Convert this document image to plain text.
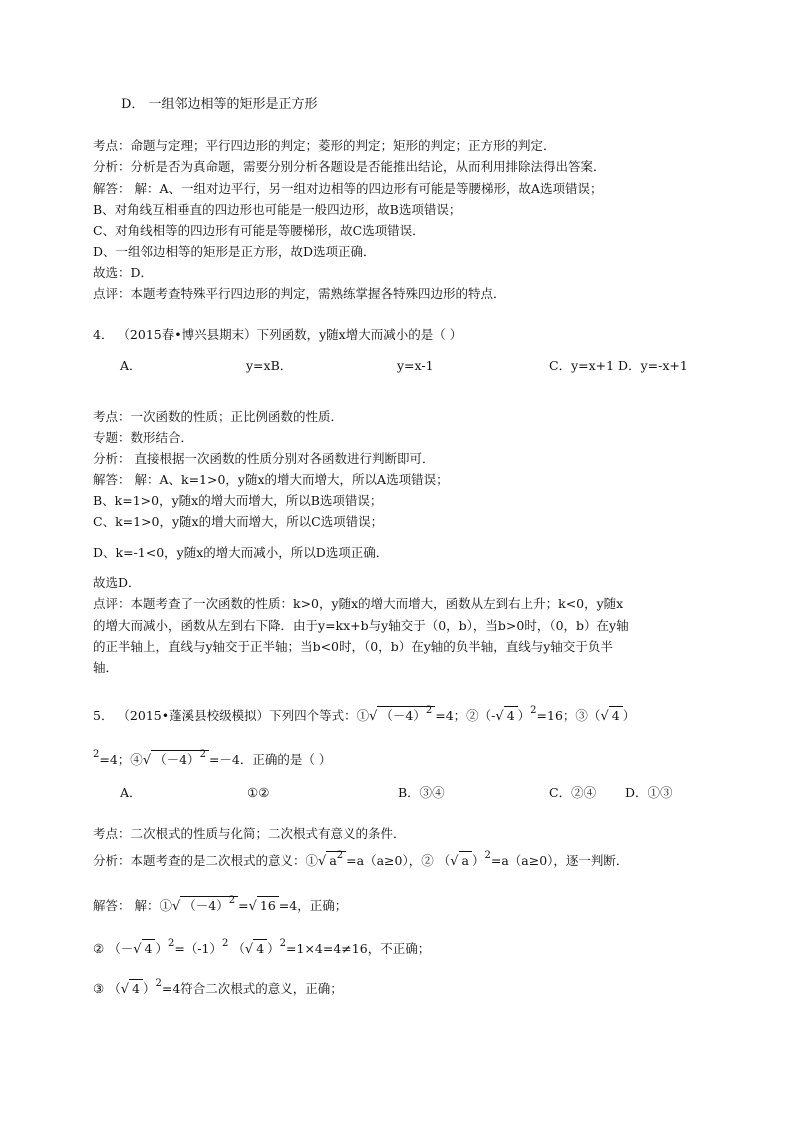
D． 一组邻边相等的矩形是正方形
考点：命题与定理；平行四边形的判定；菱形的判定；矩形的判定；正方形的判定．
分析：分析是否为真命题，需要分别分析各题设是否能推出结论，从而利用排除法得出答案．
解答： 解：A、一组对边平行，另一组对边相等的四边形有可能是等腰梯形，故A选项错误；
B、对角线互相垂直的四边形也可能是一般四边形，故B选项错误；
C、对角线相等的四边形有可能是等腰梯形，故C选项错误．
D、一组邻边相等的矩形是正方形，故D选项正确．
故选：D．
点评：本题考查特殊平行四边形的判定，需熟练掌握各特殊四边形的特点．
4． （2015春•博兴县期末）下列函数，y随x增大而减小的是（ ）
A．	y=xB．	y=x-1	C．y=x+1 D．y=-x+1
考点：一次函数的性质；正比例函数的性质．
专题：数形结合．
分析： 直接根据一次函数的性质分别对各函数进行判断即可．
解答： 解：A、k=1>0，y随x的增大而增大，所以A选项错误；
B、k=1>0，y随x的增大而增大，所以B选项错误；
C、k=1>0，y随x的增大而增大，所以C选项错误；
D、k=-1<0，y随x的增大而减小，所以D选项正确．
故选D．
点评：本题考查了一次函数的性质：k>0，y随x的增大而增大，函数从左到右上升；k<0，y随x
的增大而减小，函数从左到右下降．由于y=kx+b与y轴交于（0，b），当b>0时，（0，b）在y轴
的正半轴上，直线与y轴交于正半轴；当b<0时，（0，b）在y轴的负半轴，直线与y轴交于负半
轴．
5． （2015•蓬溪县校级模拟）下列四个等式：①√ $(-4)^2 =4$；②（-√ 4 ）$^2$=16；③（√ 4 ）
$^2$=4；④√ $(-4)^2 =-4$．正确的是（ ）
A．	①②	B．③④	C．②④ D．①③
考点：二次根式的性质与化简；二次根式有意义的条件．
分析：本题考查的是二次根式的意义：①√ $a^2 =a(a\ge 0)$，② （√ a ）$^2$=a（a≥0），逐一判断．
解答： 解：①√ $(-4)^2$ =√ 16 =4，正确；
② （－√ 4 ）$^2=(-1)^2$ （√ 4 ）$^2$=1×4=4≠16，不正确；
③ （√ 4 ）$^2$=4符合二次根式的意义，正确；
